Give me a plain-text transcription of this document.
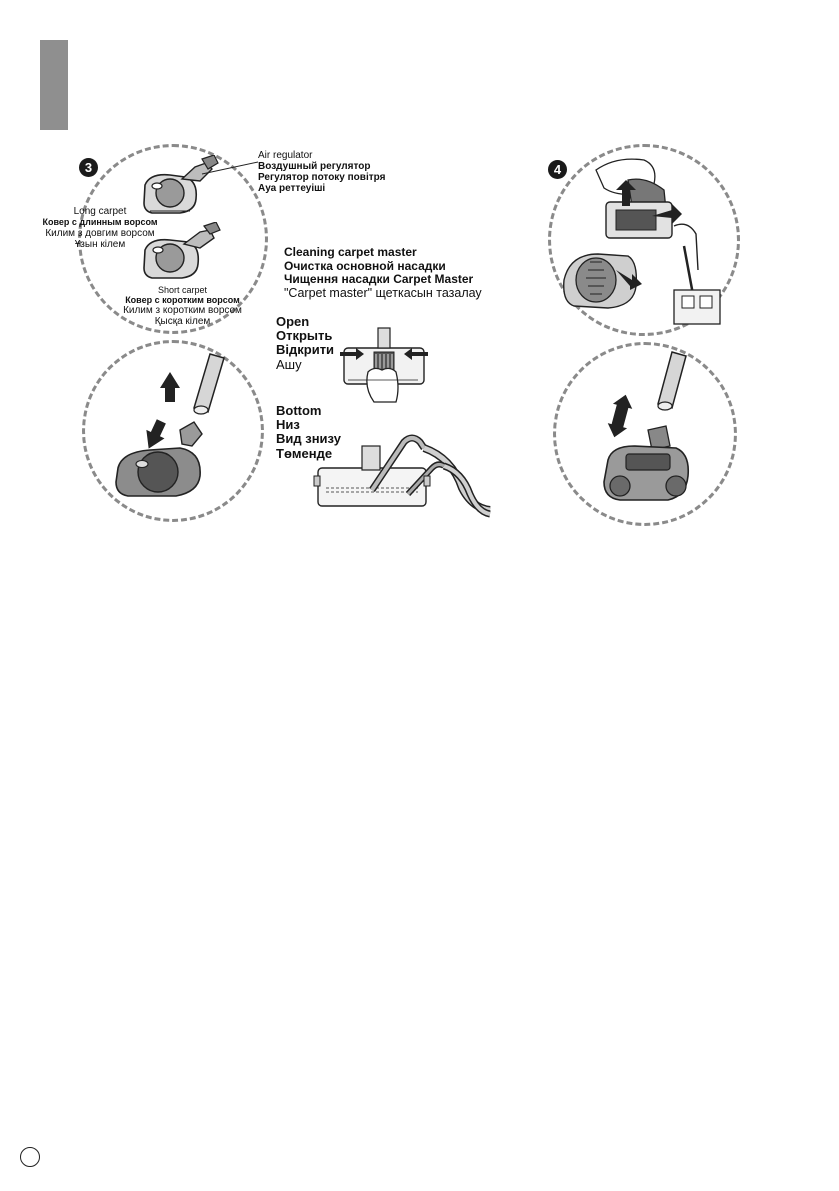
3
Air regulator
Воздушный регулятор
Регулятор потоку повітря
Ауа реттеуіші
Long carpet
Ковер с длинным ворсом
Килим з довгим ворсом
Ұзын кілем
Short carpet
Ковер с коротким ворсом
Килим з коротким ворсом
Қысқа кілем
Cleaning carpet master
Очистка основной насадки
Чищення насадки Carpet Master
"Carpet master" щеткасын тазалау
Open
Открыть
Відкрити
Ашу
Bottom
Низ
Вид знизу
Төменде
4
